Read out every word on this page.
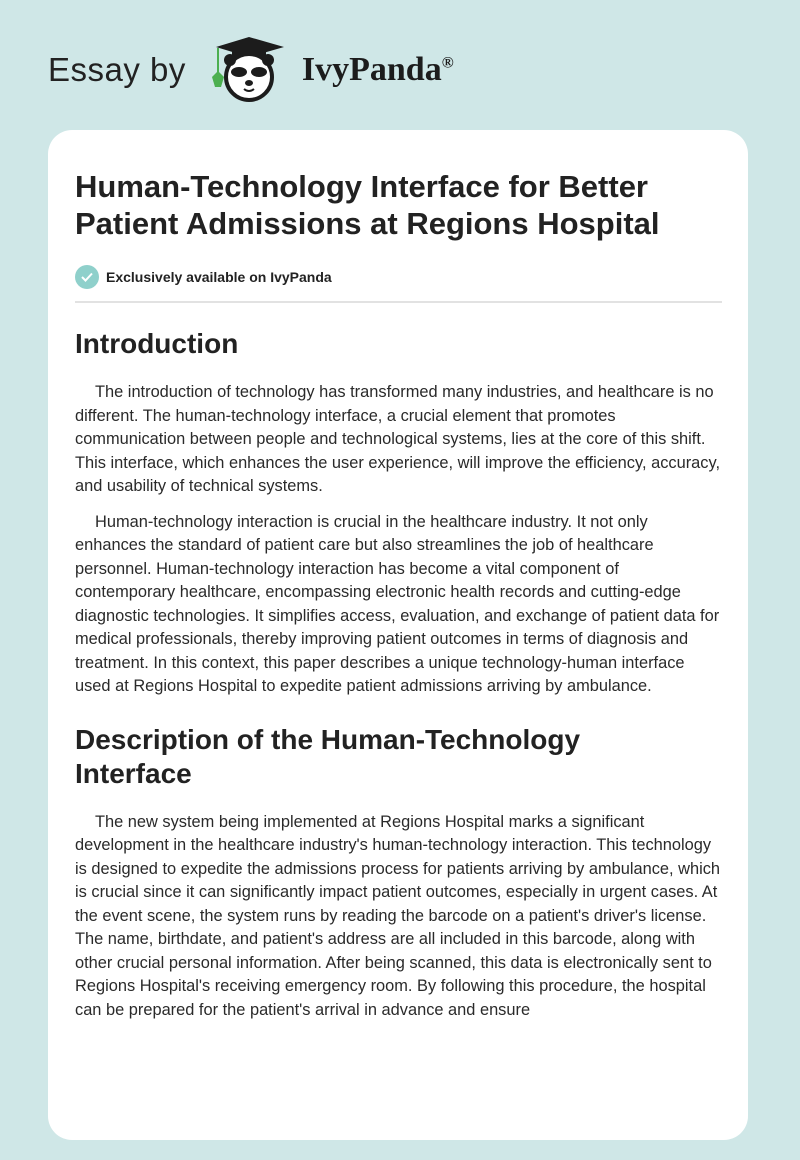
Essay by	IvyPanda®
Human-Technology Interface for Better Patient Admissions at Regions Hospital
Exclusively available on IvyPanda
Introduction

The introduction of technology has transformed many industries, and healthcare is no different. The human-technology interface, a crucial element that promotes communication between people and technological systems, lies at the core of this shift. This interface, which enhances the user experience, will improve the efficiency, accuracy, and usability of technical systems.

Human-technology interaction is crucial in the healthcare industry. It not only enhances the standard of patient care but also streamlines the job of healthcare personnel. Human-technology interaction has become a vital component of contemporary healthcare, encompassing electronic health records and cutting-edge diagnostic technologies. It simplifies access, evaluation, and exchange of patient data for medical professionals, thereby improving patient outcomes in terms of diagnosis and treatment. In this context, this paper describes a unique technology-human interface used at Regions Hospital to expedite patient admissions arriving by ambulance.

Description of the Human-Technology Interface

The new system being implemented at Regions Hospital marks a significant development in the healthcare industry's human-technology interaction. This technology is designed to expedite the admissions process for patients arriving by ambulance, which is crucial since it can significantly impact patient outcomes, especially in urgent cases. At the event scene, the system runs by reading the barcode on a patient's driver's license. The name, birthdate, and patient's address are all included in this barcode, along with other crucial personal information. After being scanned, this data is electronically sent to Regions Hospital's receiving emergency room. By following this procedure, the hospital can be prepared for the patient's arrival in advance and ensure
